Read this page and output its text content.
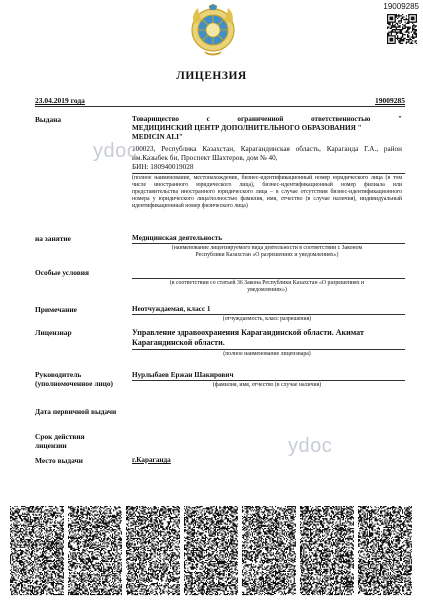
19009285
ЛИЦЕНЗИЯ
23.04.2019 года	19009285
Выдана	Товарищество с ограниченной ответственностью "
МЕДИЦИНСКИЙ ЦЕНТР ДОПОЛНИТЕЛЬНОГО ОБРАЗОВАНИЯ "
MEDICIN ALI"
100023, Республика Казахстан, Карагандинская область, Караганда Г.А., район им.Казыбек би, Проспект Шахтеров, дом № 40,
БИН: 180940019028
(полное наименование, местонахождение, бизнес-идентификационный номер юридического лица (в том числе иностранного юридического лица), бизнес-идентификационный номер филиала или представительства иностранного юридического лица – в случае отсутствия бизнес-идентификационного номера у юридического лица/полностью фамилия, имя, отчество (в случае наличия), индивидуальный идентификационный номер физического лица)
на занятие	Медицинская деятельность
(наименование лицензируемого вида деятельности в соответствии с Законом
Республики Казахстан «О разрешениях и уведомлениях»)
Особые условия
(в соответствии со статьей 36 Закона Республики Казахстан «О разрешениях и
уведомлениях»)
Примечание	Неотчуждаемая, класс 1
(отчуждаемость, класс разрешения)
Лицензиар	Управление здравоохранения Карагандинской области. Акимат
Карагандинской области.
(полное наименование лицензиара)
Руководитель
(уполномоченное лицо)
Нурлыбаев Ержан Шакирович
(фамилия, имя, отчество (в случае наличия)
Дата первичной выдачи
Срок действия
лицензии
Место выдачи	г.Караганда
ydoc
ydoc
